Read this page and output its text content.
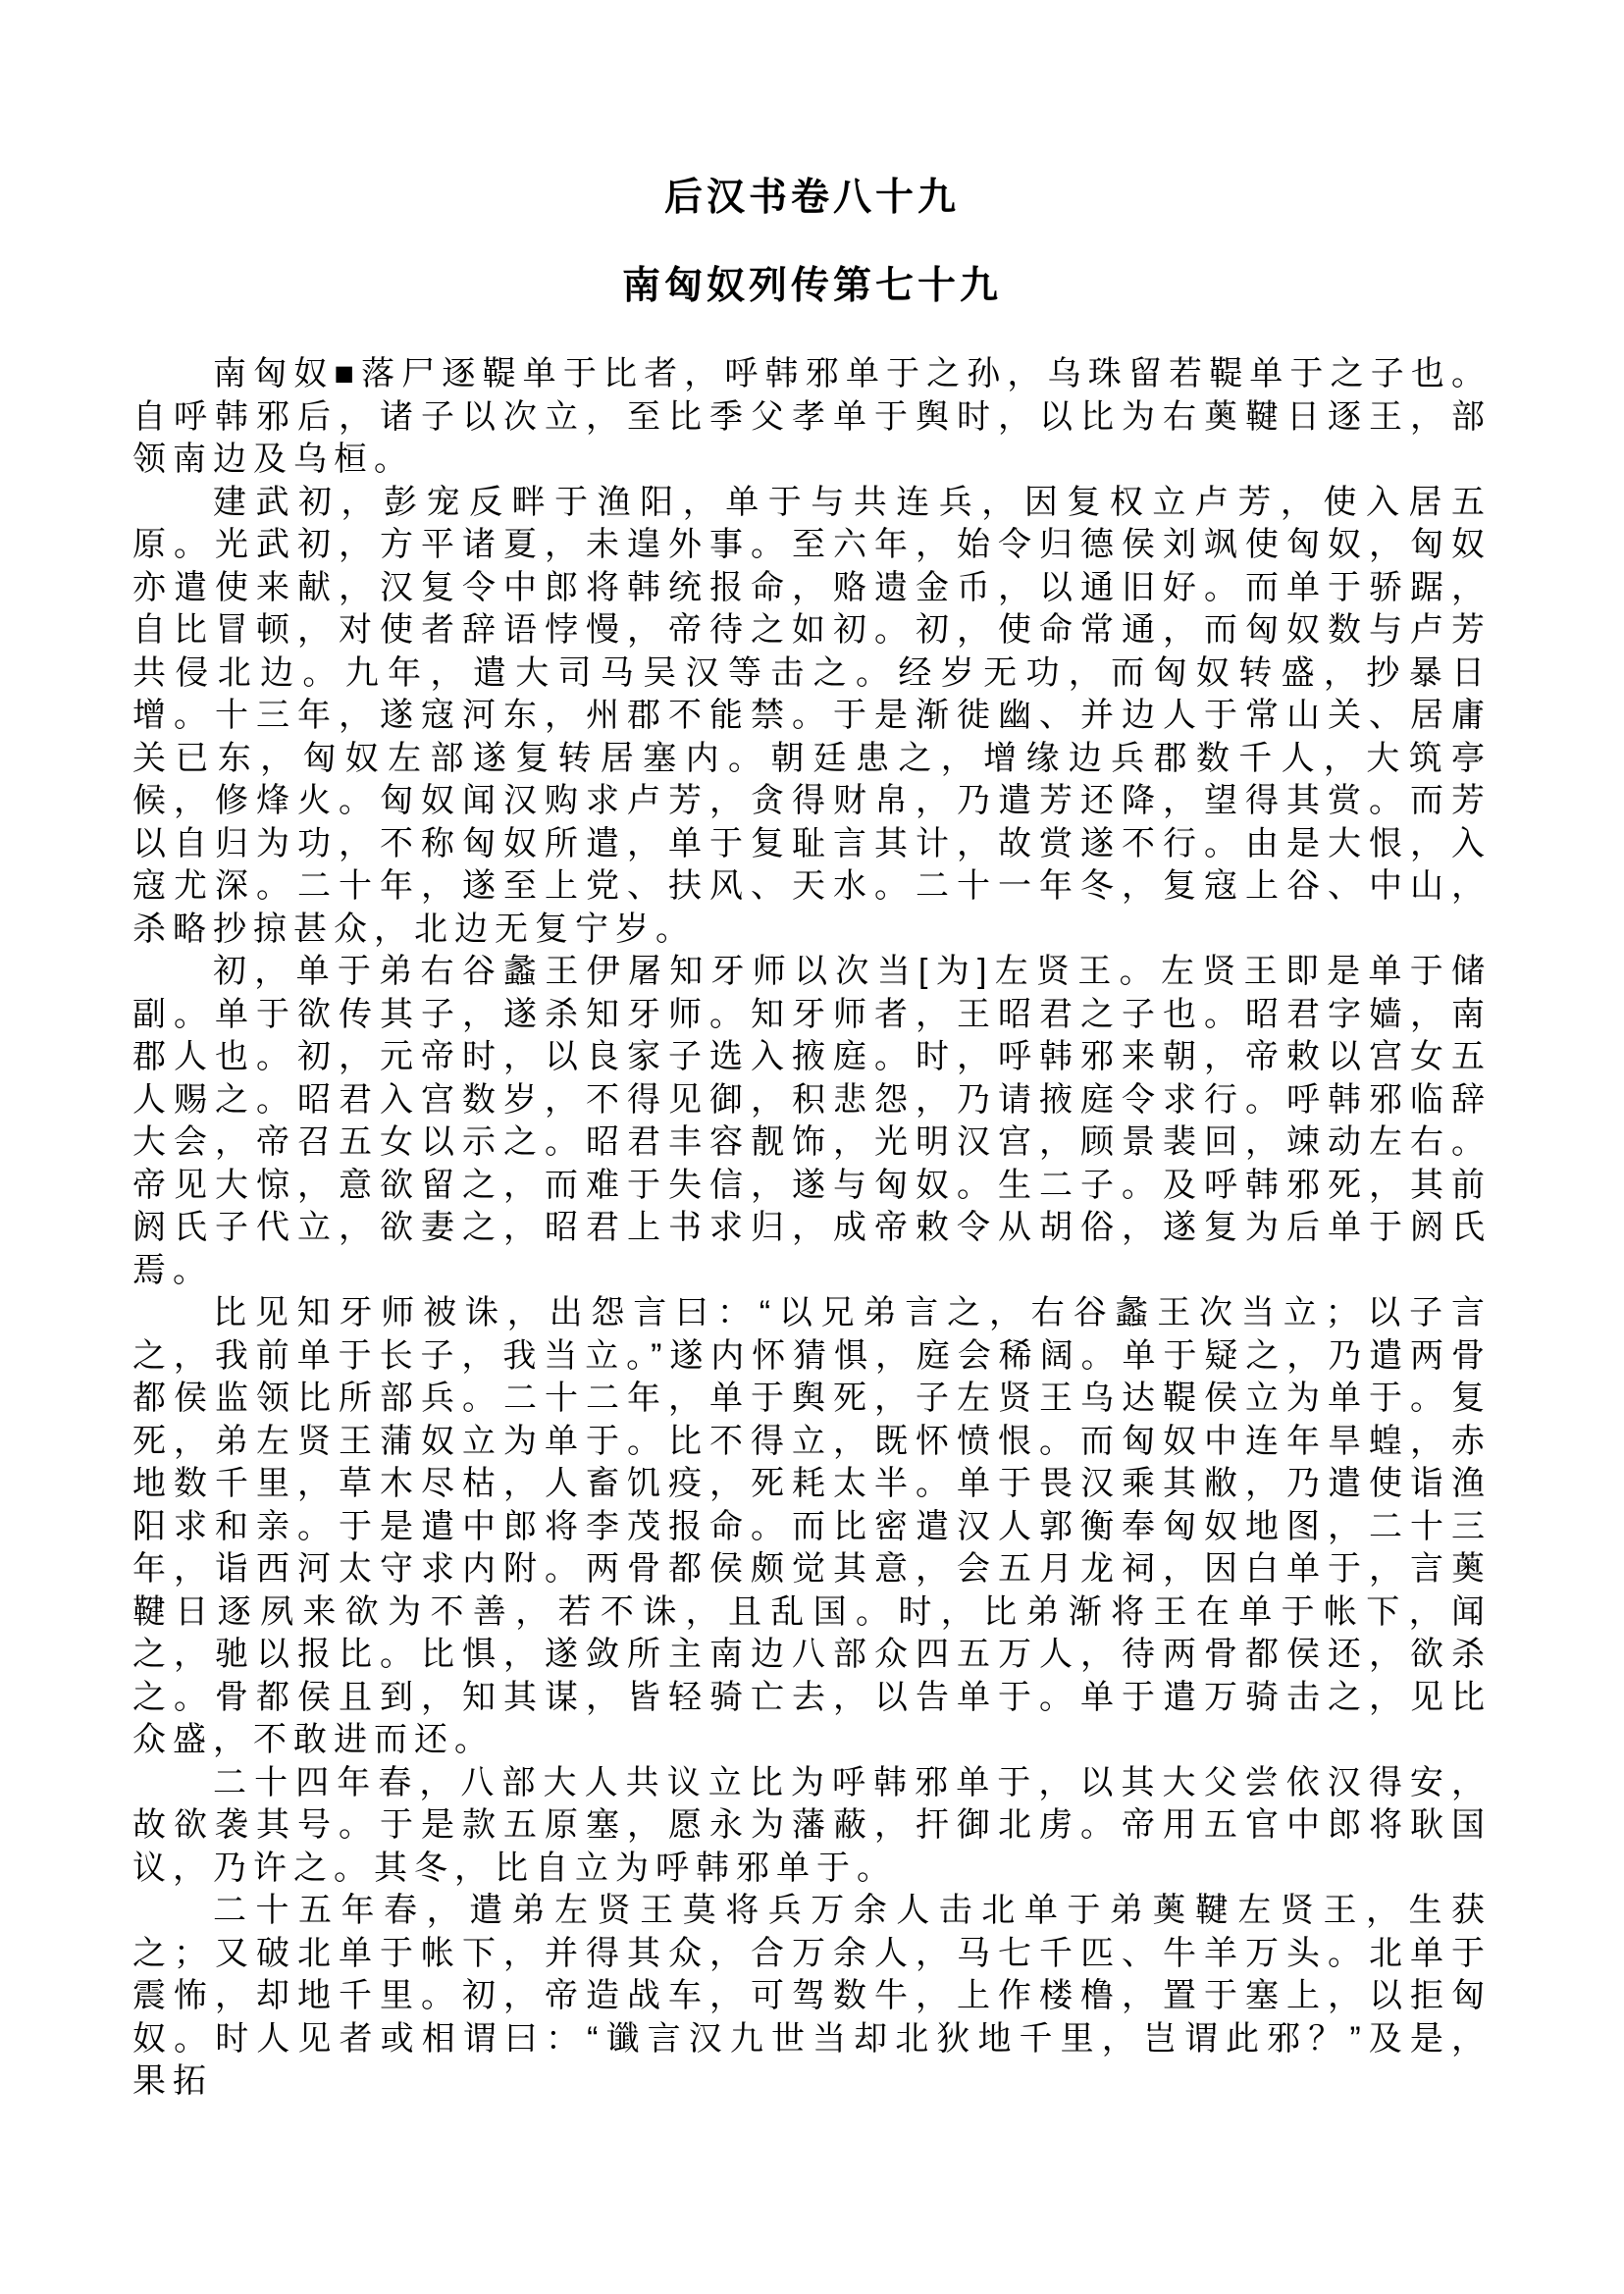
后汉书卷八十九
南匈奴列传第七十九

南匈奴■落尸逐鞮单于比者，呼韩邪单于之孙，乌珠留若鞮单于之子也。自呼韩邪后，诸子以次立，至比季父孝单于舆时，以比为右薁鞬日逐王，部领南边及乌桓。

建武初，彭宠反畔于渔阳，单于与共连兵，因复权立卢芳，使入居五原。光武初，方平诸夏，未遑外事。至六年，始令归德侯刘飒使匈奴，匈奴亦遣使来献，汉复令中郎将韩统报命，赂遗金币，以通旧好。而单于骄踞，自比冒顿，对使者辞语悖慢，帝待之如初。初，使命常通，而匈奴数与卢芳共侵北边。九年，遣大司马吴汉等击之。经岁无功，而匈奴转盛，抄暴日增。十三年，遂寇河东，州郡不能禁。于是渐徙幽、并边人于常山关、居庸关已东，匈奴左部遂复转居塞内。朝廷患之，增缘边兵郡数千人，大筑亭候，修烽火。匈奴闻汉购求卢芳，贪得财帛，乃遣芳还降，望得其赏。而芳以自归为功，不称匈奴所遣，单于复耻言其计，故赏遂不行。由是大恨，入寇尤深。二十年，遂至上党、扶风、天水。二十一年冬，复寇上谷、中山，杀略抄掠甚众，北边无复宁岁。

初，单于弟右谷蠡王伊屠知牙师以次当[为]左贤王。左贤王即是单于储副。单于欲传其子，遂杀知牙师。知牙师者，王昭君之子也。昭君字嫱，南郡人也。初，元帝时，以良家子选入掖庭。时，呼韩邪来朝，帝敕以宫女五人赐之。昭君入宫数岁，不得见御，积悲怨，乃请掖庭令求行。呼韩邪临辞大会，帝召五女以示之。昭君丰容靓饰，光明汉宫，顾景裴回，竦动左右。帝见大惊，意欲留之，而难于失信，遂与匈奴。生二子。及呼韩邪死，其前阏氏子代立，欲妻之，昭君上书求归，成帝敕令从胡俗，遂复为后单于阏氏焉。

比见知牙师被诛，出怨言曰：“以兄弟言之，右谷蠡王次当立；以子言之，我前单于长子，我当立。”遂内怀猜惧，庭会稀阔。单于疑之，乃遣两骨都侯监领比所部兵。二十二年，单于舆死，子左贤王乌达鞮侯立为单于。复死，弟左贤王蒲奴立为单于。比不得立，既怀愤恨。而匈奴中连年旱蝗，赤地数千里，草木尽枯，人畜饥疫，死耗太半。单于畏汉乘其敝，乃遣使诣渔阳求和亲。于是遣中郎将李茂报命。而比密遣汉人郭衡奉匈奴地图，二十三年，诣西河太守求内附。两骨都侯颇觉其意，会五月龙祠，因白单于，言薁鞬日逐夙来欲为不善，若不诛，且乱国。时，比弟渐将王在单于帐下，闻之，驰以报比。比惧，遂敛所主南边八部众四五万人，待两骨都侯还，欲杀之。骨都侯且到，知其谋，皆轻骑亡去，以告单于。单于遣万骑击之，见比众盛，不敢进而还。

二十四年春，八部大人共议立比为呼韩邪单于，以其大父尝依汉得安，故欲袭其号。于是款五原塞，愿永为藩蔽，扞御北虏。帝用五官中郎将耿国议，乃许之。其冬，比自立为呼韩邪单于。

二十五年春，遣弟左贤王莫将兵万余人击北单于弟薁鞬左贤王，生获之；又破北单于帐下，并得其众，合万余人，马七千匹、牛羊万头。北单于震怖，却地千里。初，帝造战车，可驾数牛，上作楼橹，置于塞上，以拒匈奴。时人见者或相谓曰：“谶言汉九世当却北狄地千里，岂谓此邪？”及是，果拓
